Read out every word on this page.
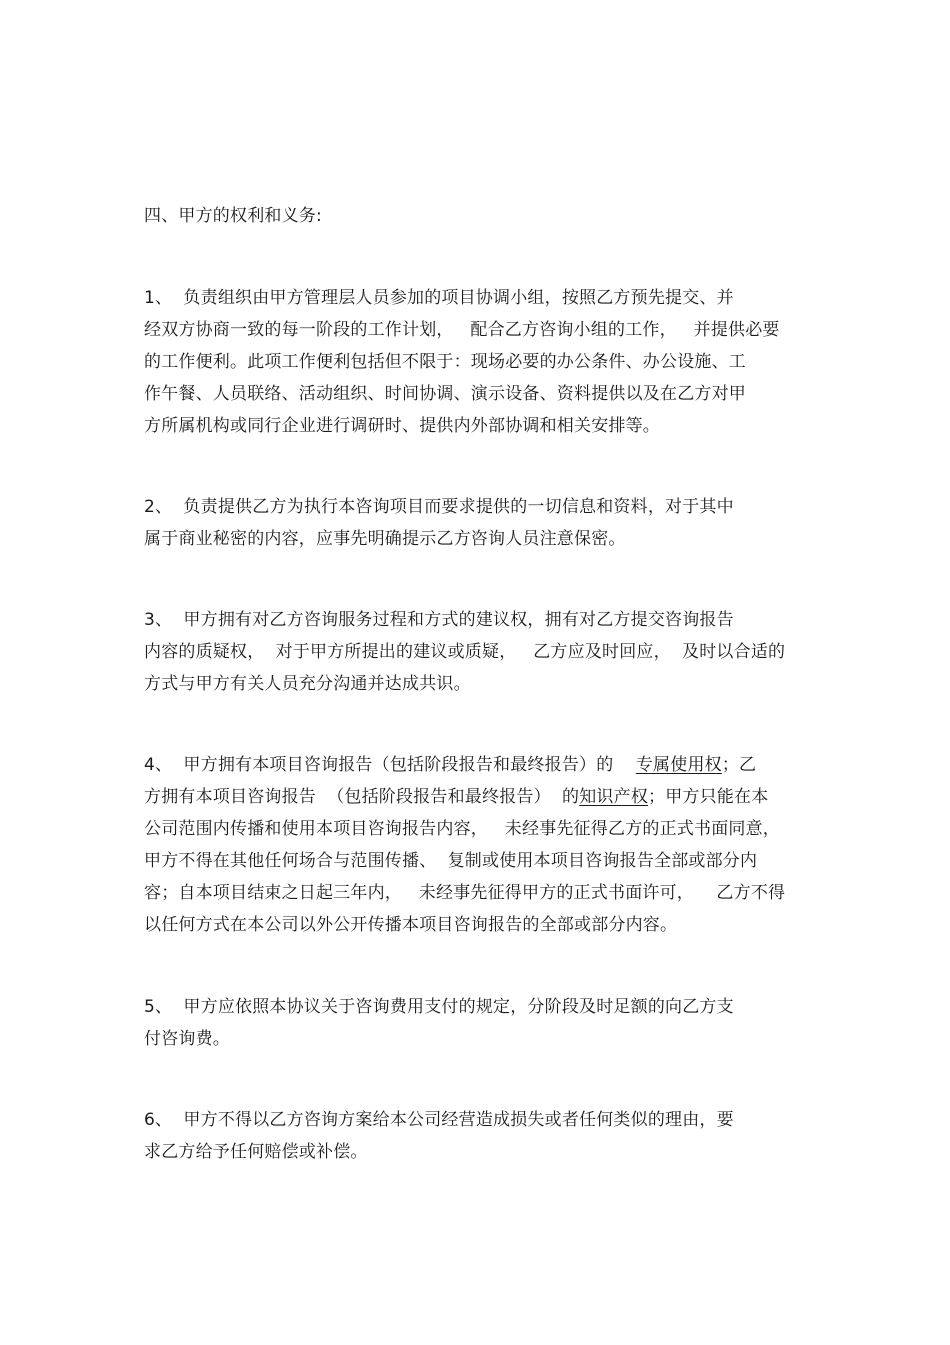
四、甲方的权利和义务:
1、  负责组织由甲方管理层人员参加的项目协调小组，按照乙方预先提交、并
经双方协商一致的每一阶段的工作计划，   配合乙方咨询小组的工作，   并提供必要
的工作便利。此项工作便利包括但不限于：现场必要的办公条件、办公设施、工
作午餐、人员联络、活动组织、时间协调、演示设备、资料提供以及在乙方对甲
方所属机构或同行企业进行调研时、提供内外部协调和相关安排等。
2、  负责提供乙方为执行本咨询项目而要求提供的一切信息和资料，对于其中
属于商业秘密的内容，应事先明确提示乙方咨询人员注意保密。
3、  甲方拥有对乙方咨询服务过程和方式的建议权，拥有对乙方提交咨询报告
内容的质疑权，  对于甲方所提出的建议或质疑，   乙方应及时回应，  及时以合适的
方式与甲方有关人员充分沟通并达成共识。
4、  甲方拥有本项目咨询报告（包括阶段报告和最终报告）的    专属使用权；乙
方拥有本项目咨询报告  （包括阶段报告和最终报告）  的知识产权；甲方只能在本
公司范围内传播和使用本项目咨询报告内容，   未经事先征得乙方的正式书面同意，
甲方不得在其他任何场合与范围传播、  复制或使用本项目咨询报告全部或部分内
容；自本项目结束之日起三年内，   未经事先征得甲方的正式书面许可，    乙方不得
以任何方式在本公司以外公开传播本项目咨询报告的全部或部分内容。
5、  甲方应依照本协议关于咨询费用支付的规定，分阶段及时足额的向乙方支
付咨询费。
6、  甲方不得以乙方咨询方案给本公司经营造成损失或者任何类似的理由，要
求乙方给予任何赔偿或补偿。
